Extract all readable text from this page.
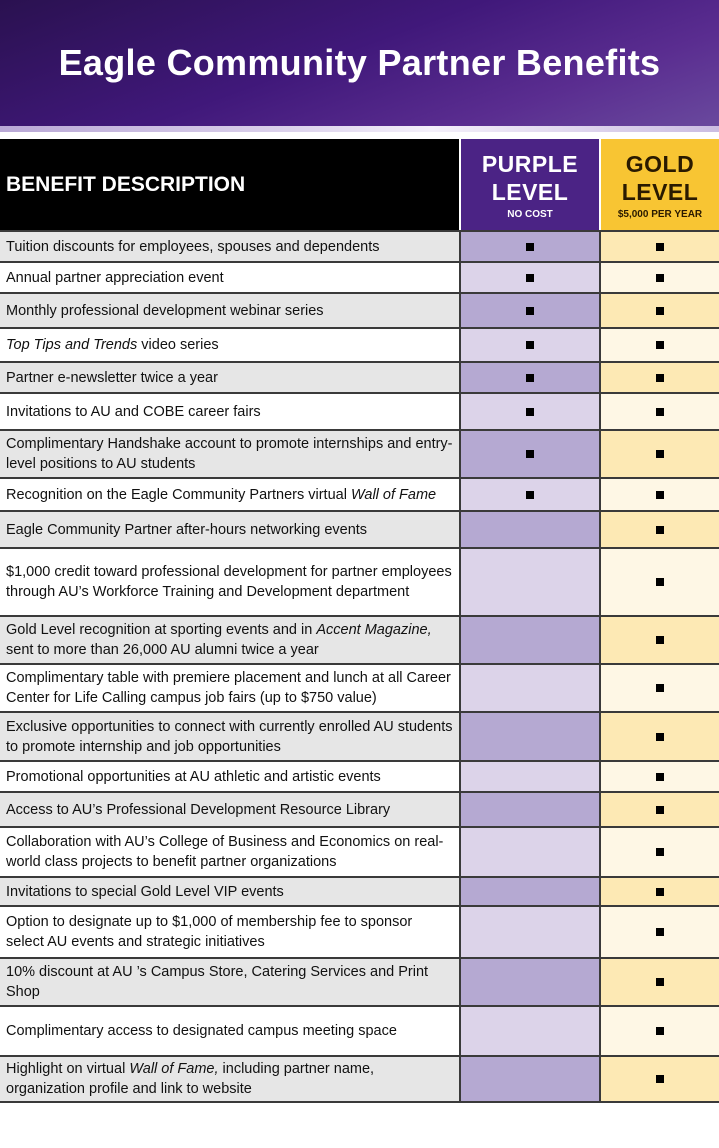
Eagle Community Partner Benefits
BENEFIT DESCRIPTION
PURPLE
LEVEL
NO COST
GOLD
LEVEL
$5,000 PER YEAR
Tuition discounts for employees, spouses and dependents
Annual partner appreciation event
Monthly professional development webinar series
Top Tips and Trends video series
Partner e-newsletter twice a year
Invitations to AU and COBE career fairs
Complimentary Handshake account to promote internships and entry-level positions to AU students
Recognition on the Eagle Community Partners virtual Wall of Fame
Eagle Community Partner after-hours networking events
$1,000 credit toward professional development for partner employees through AU’s Workforce Training and Development department
Gold Level recognition at sporting events and in Accent Magazine, sent to more than 26,000 AU alumni twice a year
Complimentary table with premiere placement and lunch at all Career Center for Life Calling campus job fairs (up to $750 value)
Exclusive opportunities to connect with currently enrolled AU students to promote internship and job opportunities
Promotional opportunities at AU athletic and artistic events
Access to AU’s Professional Development Resource Library
Collaboration with AU’s College of Business and Economics on real-world class projects to benefit partner organizations
Invitations to special Gold Level VIP events
Option to designate up to $1,000 of membership fee to sponsor select AU events and strategic initiatives
10% discount at AU ’s Campus Store, Catering Services and Print Shop
Complimentary access to designated campus meeting space
Highlight on virtual Wall of Fame, including partner name, organization profile and link to website
